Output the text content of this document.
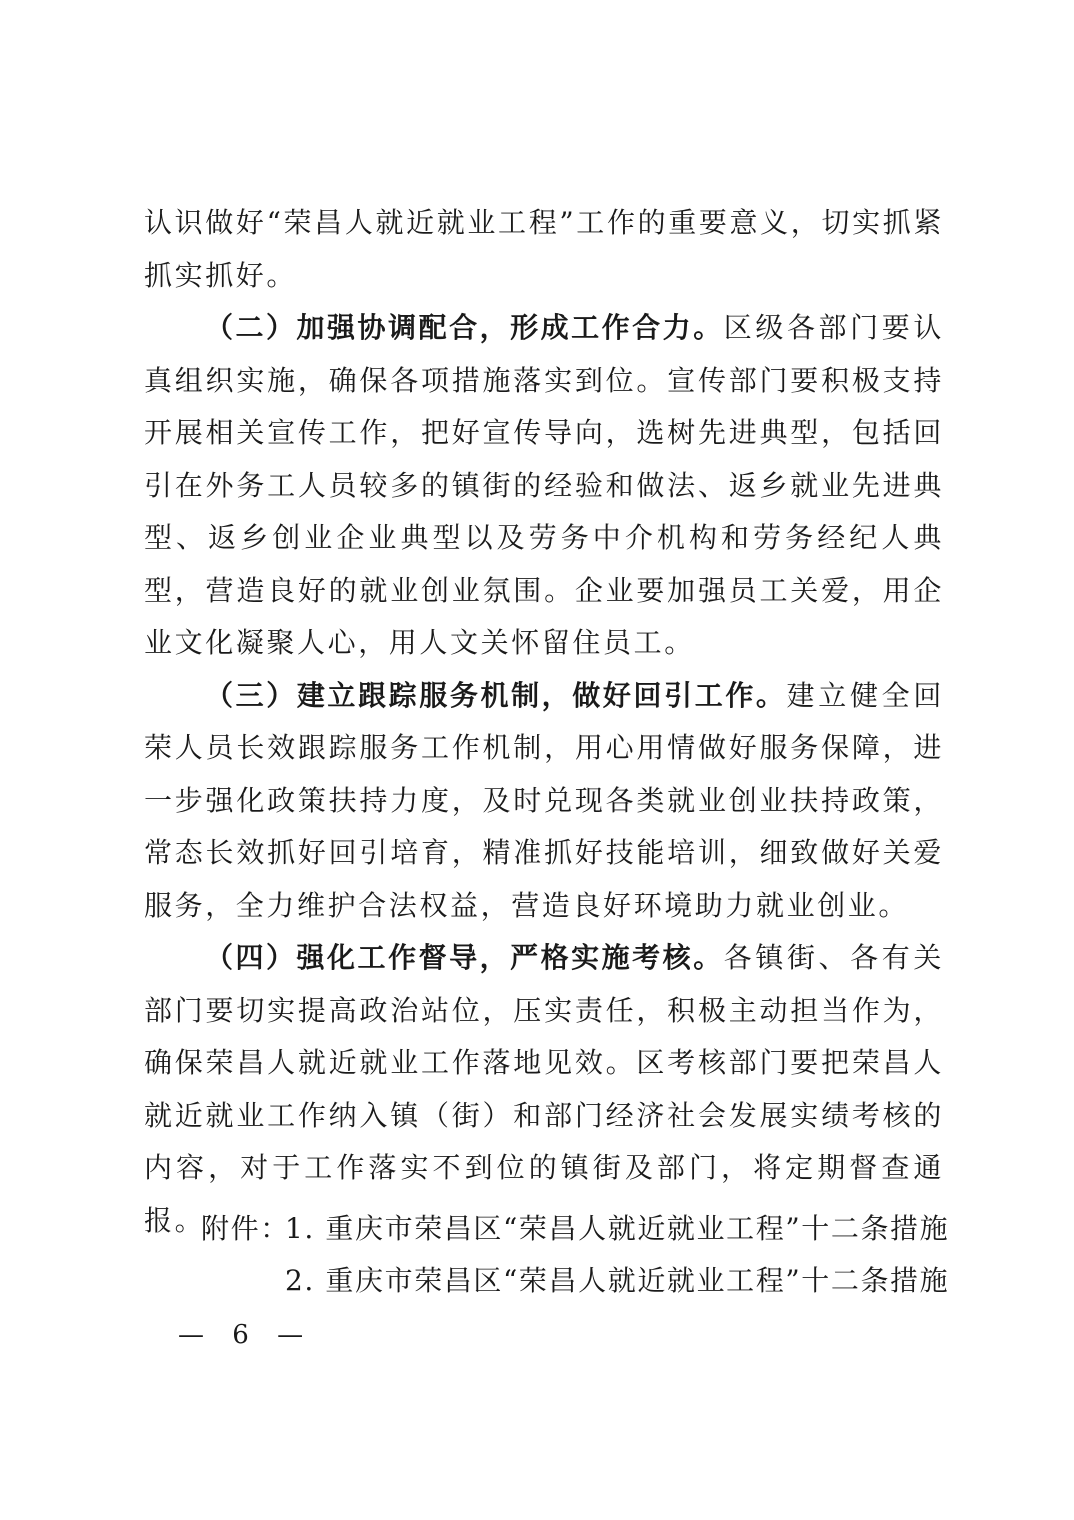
认识做好“荣昌人就近就业工程”工作的重要意义，切实抓紧抓实抓好。

（二）加强协调配合，形成工作合力。区级各部门要认真组织实施，确保各项措施落实到位。宣传部门要积极支持开展相关宣传工作，把好宣传导向，选树先进典型，包括回引在外务工人员较多的镇街的经验和做法、返乡就业先进典型、返乡创业企业典型以及劳务中介机构和劳务经纪人典型，营造良好的就业创业氛围。企业要加强员工关爱，用企业文化凝聚人心，用人文关怀留住员工。

（三）建立跟踪服务机制，做好回引工作。建立健全回荣人员长效跟踪服务工作机制，用心用情做好服务保障，进一步强化政策扶持力度，及时兑现各类就业创业扶持政策，常态长效抓好回引培育，精准抓好技能培训，细致做好关爱服务，全力维护合法权益，营造良好环境助力就业创业。

（四）强化工作督导，严格实施考核。各镇街、各有关部门要切实提高政治站位，压实责任，积极主动担当作为，确保荣昌人就近就业工作落地见效。区考核部门要把荣昌人就近就业工作纳入镇（街）和部门经济社会发展实绩考核的内容，对于工作落实不到位的镇街及部门，将定期督查通报。

附件：1. 重庆市荣昌区“荣昌人就近就业工程”十二条措施
2. 重庆市荣昌区“荣昌人就近就业工程”十二条措施
— 6 —
